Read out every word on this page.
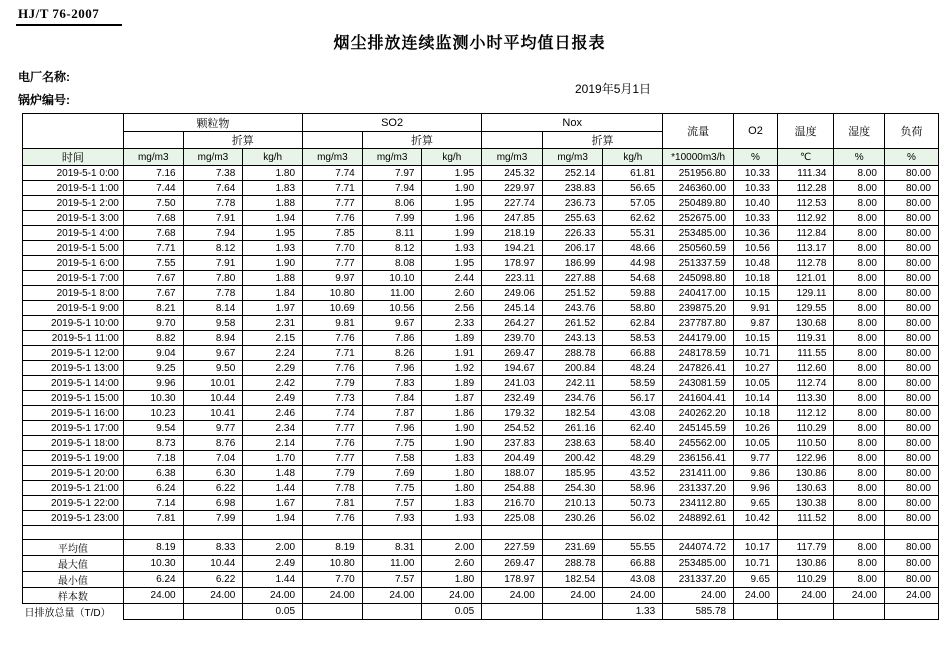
HJ/T 76-2007
烟尘排放连续监测小时平均值日报表
电厂名称:
锅炉编号:
2019年5月1日
	颗粒物			SO2			Nox			流量	O2	温度	湿度	负荷
		折算			折算			折算						
时间	mg/m3	mg/m3	kg/h	mg/m3	mg/m3	kg/h	mg/m3	mg/m3	kg/h	*10000m3/h	%	℃	%	%
2019-5-1 0:00	7.16	7.38	1.80	7.74	7.97	1.95	245.32	252.14	61.81	251956.80	10.33	111.34	8.00	80.00
2019-5-1 1:00	7.44	7.64	1.83	7.71	7.94	1.90	229.97	238.83	56.65	246360.00	10.33	112.28	8.00	80.00
2019-5-1 2:00	7.50	7.78	1.88	7.77	8.06	1.95	227.74	236.73	57.05	250489.80	10.40	112.53	8.00	80.00
2019-5-1 3:00	7.68	7.91	1.94	7.76	7.99	1.96	247.85	255.63	62.62	252675.00	10.33	112.92	8.00	80.00
2019-5-1 4:00	7.68	7.94	1.95	7.85	8.11	1.99	218.19	226.33	55.31	253485.00	10.36	112.84	8.00	80.00
2019-5-1 5:00	7.71	8.12	1.93	7.70	8.12	1.93	194.21	206.17	48.66	250560.59	10.56	113.17	8.00	80.00
2019-5-1 6:00	7.55	7.91	1.90	7.77	8.08	1.95	178.97	186.99	44.98	251337.59	10.48	112.78	8.00	80.00
2019-5-1 7:00	7.67	7.80	1.88	9.97	10.10	2.44	223.11	227.88	54.68	245098.80	10.18	121.01	8.00	80.00
2019-5-1 8:00	7.67	7.78	1.84	10.80	11.00	2.60	249.06	251.52	59.88	240417.00	10.15	129.11	8.00	80.00
2019-5-1 9:00	8.21	8.14	1.97	10.69	10.56	2.56	245.14	243.76	58.80	239875.20	9.91	129.55	8.00	80.00
2019-5-1 10:00	9.70	9.58	2.31	9.81	9.67	2.33	264.27	261.52	62.84	237787.80	9.87	130.68	8.00	80.00
2019-5-1 11:00	8.82	8.94	2.15	7.76	7.86	1.89	239.70	243.13	58.53	244179.00	10.15	119.31	8.00	80.00
2019-5-1 12:00	9.04	9.67	2.24	7.71	8.26	1.91	269.47	288.78	66.88	248178.59	10.71	111.55	8.00	80.00
2019-5-1 13:00	9.25	9.50	2.29	7.76	7.96	1.92	194.67	200.84	48.24	247826.41	10.27	112.60	8.00	80.00
2019-5-1 14:00	9.96	10.01	2.42	7.79	7.83	1.89	241.03	242.11	58.59	243081.59	10.05	112.74	8.00	80.00
2019-5-1 15:00	10.30	10.44	2.49	7.73	7.84	1.87	232.49	234.76	56.17	241604.41	10.14	113.30	8.00	80.00
2019-5-1 16:00	10.23	10.41	2.46	7.74	7.87	1.86	179.32	182.54	43.08	240262.20	10.18	112.12	8.00	80.00
2019-5-1 17:00	9.54	9.77	2.34	7.77	7.96	1.90	254.52	261.16	62.40	245145.59	10.26	110.29	8.00	80.00
2019-5-1 18:00	8.73	8.76	2.14	7.76	7.75	1.90	237.83	238.63	58.40	245562.00	10.05	110.50	8.00	80.00
2019-5-1 19:00	7.18	7.04	1.70	7.77	7.58	1.83	204.49	200.42	48.29	236156.41	9.77	122.96	8.00	80.00
2019-5-1 20:00	6.38	6.30	1.48	7.79	7.69	1.80	188.07	185.95	43.52	231411.00	9.86	130.86	8.00	80.00
2019-5-1 21:00	6.24	6.22	1.44	7.78	7.75	1.80	254.88	254.30	58.96	231337.20	9.96	130.63	8.00	80.00
2019-5-1 22:00	7.14	6.98	1.67	7.81	7.57	1.83	216.70	210.13	50.73	234112.80	9.65	130.38	8.00	80.00
2019-5-1 23:00	7.81	7.99	1.94	7.76	7.93	1.93	225.08	230.26	56.02	248892.61	10.42	111.52	8.00	80.00

平均值	8.19	8.33	2.00	8.19	8.31	2.00	227.59	231.69	55.55	244074.72	10.17	117.79	8.00	80.00
最大值	10.30	10.44	2.49	10.80	11.00	2.60	269.47	288.78	66.88	253485.00	10.71	130.86	8.00	80.00
最小值	6.24	6.22	1.44	7.70	7.57	1.80	178.97	182.54	43.08	231337.20	9.65	110.29	8.00	80.00
样本数	24.00	24.00	24.00	24.00	24.00	24.00	24.00	24.00	24.00	24.00	24.00	24.00	24.00	24.00
日排放总量（T/D）			0.05			0.05			1.33	585.78				
